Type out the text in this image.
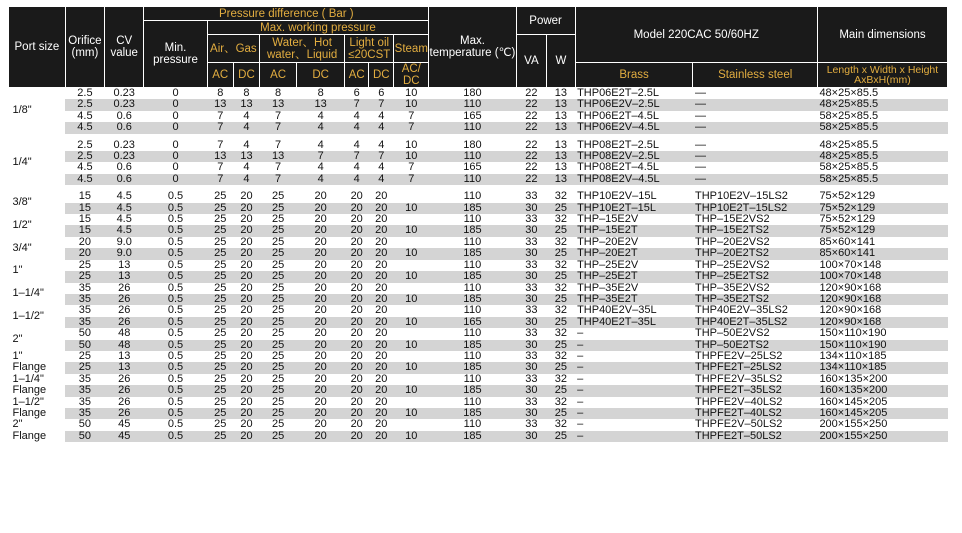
Port size	Orifice (mm)	CV value	Pressure difference ( Bar )								Max. temperature (℃)	Power		Model 220CAC 50/60HZ		Main dimensions
			Min. pressure	Max. working pressure												
				Air、Gas		Water、Hot water、Liquid		Light oil ≤20CST		Steam		VA	W			
				AC	DC	AC	DC	AC	DC	AC/ DC				Brass	Stainless steel	Length x Width x Height AxBxH(mm)
1/8"	2.5	0.23	0	8	8	8	8	6	6	10	180	22	13	THP06E2T–2.5L	—	48×25×85.5
	2.5	0.23	0	13	13	13	13	7	7	10	110	22	13	THP06E2V–2.5L	—	48×25×85.5
	4.5	0.6	0	7	4	7	4	4	4	7	165	22	13	THP06E2T–4.5L	—	58×25×85.5
	4.5	0.6	0	7	4	7	4	4	4	7	110	22	13	THP06E2V–4.5L	—	58×25×85.5

1/4"	2.5	0.23	0	7	4	7	4	4	4	10	180	22	13	THP08E2T–2.5L	—	48×25×85.5
	2.5	0.23	0	13	13	13	7	7	7	10	110	22	13	THP08E2V–2.5L	—	48×25×85.5
	4.5	0.6	0	7	4	7	4	4	4	7	165	22	13	THP08E2T–4.5L	—	58×25×85.5
	4.5	0.6	0	7	4	7	4	4	4	7	110	22	13	THP08E2V–4.5L	—	58×25×85.5

3/8"	15	4.5	0.5	25	20	25	20	20	20		110	33	32	THP10E2V–15L	THP10E2V–15LS2	75×52×129
	15	4.5	0.5	25	20	25	20	20	20	10	185	30	25	THP10E2T–15L	THP10E2T–15LS2	75×52×129
1/2"	15	4.5	0.5	25	20	25	20	20	20		110	33	32	THP–15E2V	THP–15E2VS2	75×52×129
	15	4.5	0.5	25	20	25	20	20	20	10	185	30	25	THP–15E2T	THP–15E2TS2	75×52×129
3/4"	20	9.0	0.5	25	20	25	20	20	20		110	33	32	THP–20E2V	THP–20E2VS2	85×60×141
	20	9.0	0.5	25	20	25	20	20	20	10	185	30	25	THP–20E2T	THP–20E2TS2	85×60×141
1"	25	13	0.5	25	20	25	20	20	20		110	33	32	THP–25E2V	THP–25E2VS2	100×70×148
	25	13	0.5	25	20	25	20	20	20	10	185	30	25	THP–25E2T	THP–25E2TS2	100×70×148
1–1/4"	35	26	0.5	25	20	25	20	20	20		110	33	32	THP–35E2V	THP–35E2VS2	120×90×168
	35	26	0.5	25	20	25	20	20	20	10	185	30	25	THP–35E2T	THP–35E2TS2	120×90×168
1–1/2"	35	26	0.5	25	20	25	20	20	20		110	33	32	THP40E2V–35L	THP40E2V–35LS2	120×90×168
	35	26	0.5	25	20	25	20	20	20	10	165	30	25	THP40E2T–35L	THP40E2T–35LS2	120×90×168
2"	50	48	0.5	25	20	25	20	20	20		110	33	32	–	THP–50E2VS2	150×110×190
	50	48	0.5	25	20	25	20	20	20	10	185	30	25	–	THP–50E2TS2	150×110×190
1"	25	13	0.5	25	20	25	20	20	20		110	33	32	–	THPFE2V–25LS2	134×110×185
Flange	25	13	0.5	25	20	25	20	20	20	10	185	30	25	–	THPFE2T–25LS2	134×110×185
1–1/4"	35	26	0.5	25	20	25	20	20	20		110	33	32	–	THPFE2V–35LS2	160×135×200
Flange	35	26	0.5	25	20	25	20	20	20	10	185	30	25	–	THPFE2T–35LS2	160×135×200
1–1/2"	35	26	0.5	25	20	25	20	20	20		110	33	32	–	THPFE2V–40LS2	160×145×205
Flange	35	26	0.5	25	20	25	20	20	20	10	185	30	25	–	THPFE2T–40LS2	160×145×205
2"	50	45	0.5	25	20	25	20	20	20		110	33	32	–	THPFE2V–50LS2	200×155×250
Flange	50	45	0.5	25	20	25	20	20	20	10	185	30	25	–	THPFE2T–50LS2	200×155×250
